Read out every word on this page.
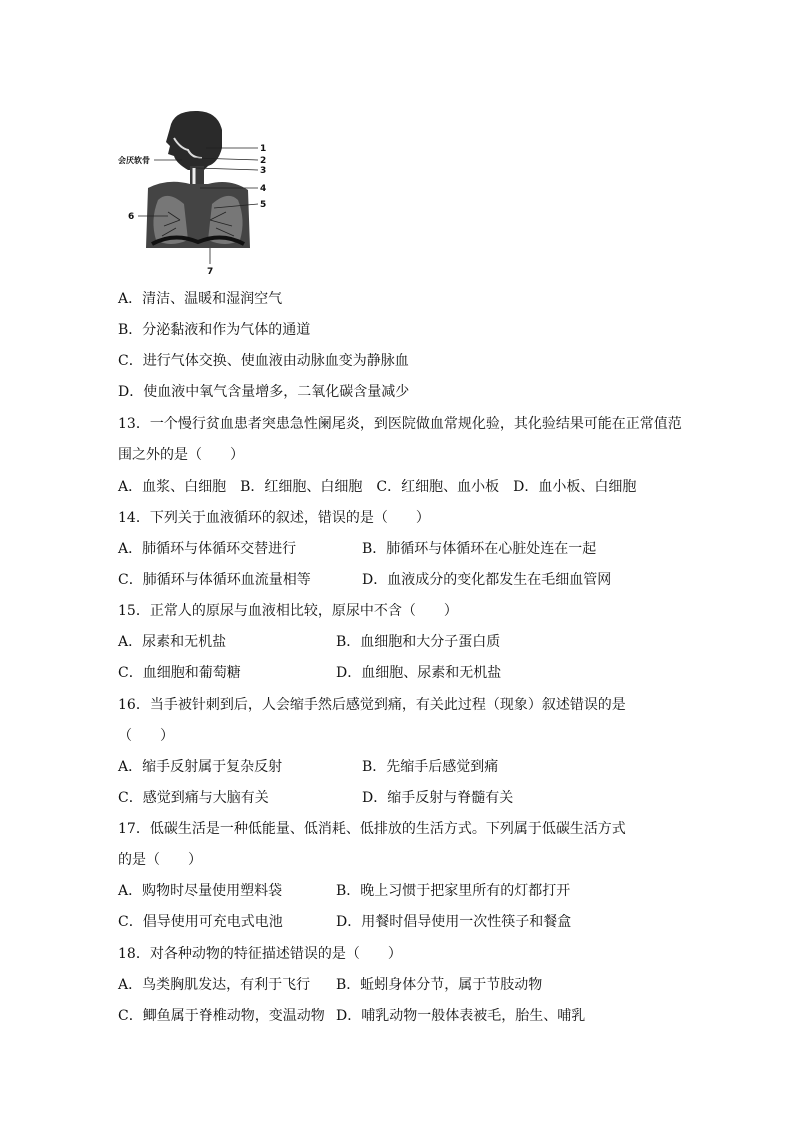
1
2
3
4
5
6
7
会厌软骨
A．清洁、温暖和湿润空气
B．分泌黏液和作为气体的通道
C．进行气体交换、使血液由动脉血变为静脉血
D．使血液中氧气含量增多，二氧化碳含量减少
13．一个慢行贫血患者突患急性阑尾炎，到医院做血常规化验，其化验结果可能在正常值范
围之外的是（　　）
A．血浆、白细胞　 B．红细胞、白细胞　 C．红细胞、血小板　 D．血小板、白细胞
14．下列关于血液循环的叙述，错误的是（　　）
A．肺循环与体循环交替进行	B．肺循环与体循环在心脏处连在一起
C．肺循环与体循环血流量相等	D．血液成分的变化都发生在毛细血管网
15．正常人的原尿与血液相比较，原尿中不含（　　）
A．尿素和无机盐	B．血细胞和大分子蛋白质
C．血细胞和葡萄糖	D．血细胞、尿素和无机盐
16．当手被针刺到后，人会缩手然后感觉到痛，有关此过程（现象）叙述错误的是
（　　）
A．缩手反射属于复杂反射	B．先缩手后感觉到痛
C．感觉到痛与大脑有关	D．缩手反射与脊髓有关
17．低碳生活是一种低能量、低消耗、低排放的生活方式。下列属于低碳生活方式
的是（　　）
A．购物时尽量使用塑料袋	B．晚上习惯于把家里所有的灯都打开
C．倡导使用可充电式电池	D．用餐时倡导使用一次性筷子和餐盒
18．对各种动物的特征描述错误的是（　　）
A．鸟类胸肌发达，有利于飞行 B．蚯蚓身体分节，属于节肢动物
C．鲫鱼属于脊椎动物，变温动物 D．哺乳动物一般体表被毛，胎生、哺乳
